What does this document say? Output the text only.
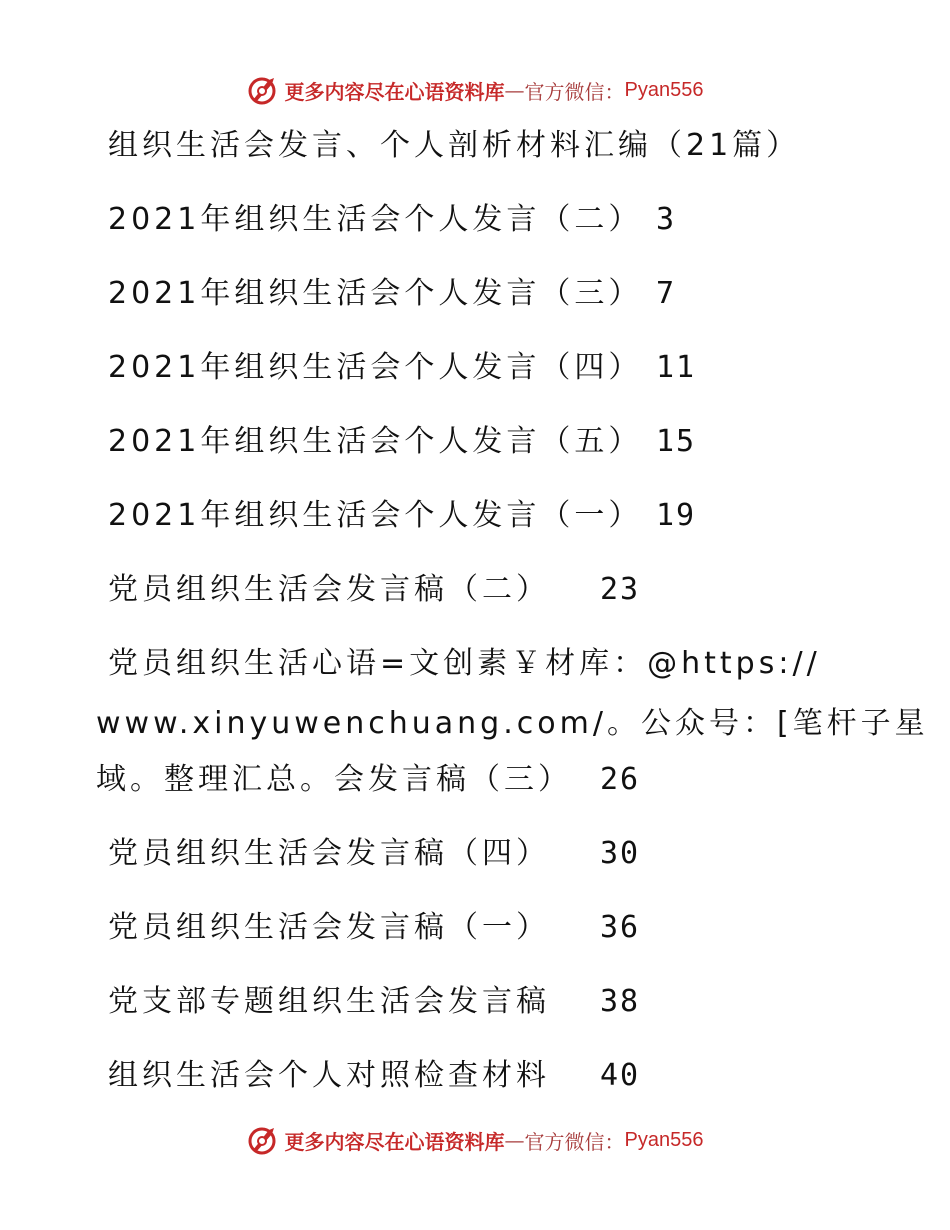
更多内容尽在心语资料库 — 官方微信： Pyan556
组织生活会发言、个人剖析材料汇编（21篇）
2021年组织生活会个人发言（二） 3
2021年组织生活会个人发言（三） 7
2021年组织生活会个人发言（四） 11
2021年组织生活会个人发言（五） 15
2021年组织生活会个人发言（一） 19
党员组织生活会发言稿（二） 23
党员组织生活心语=文创素￥材库：@https://
www.xinyuwenchuang.com/。公众号：[笔杆子星
域。整理汇总。会发言稿（三） 26
党员组织生活会发言稿（四） 30
党员组织生活会发言稿（一） 36
党支部专题组织生活会发言稿 38
组织生活会个人对照检查材料 40
更多内容尽在心语资料库 — 官方微信： Pyan556
